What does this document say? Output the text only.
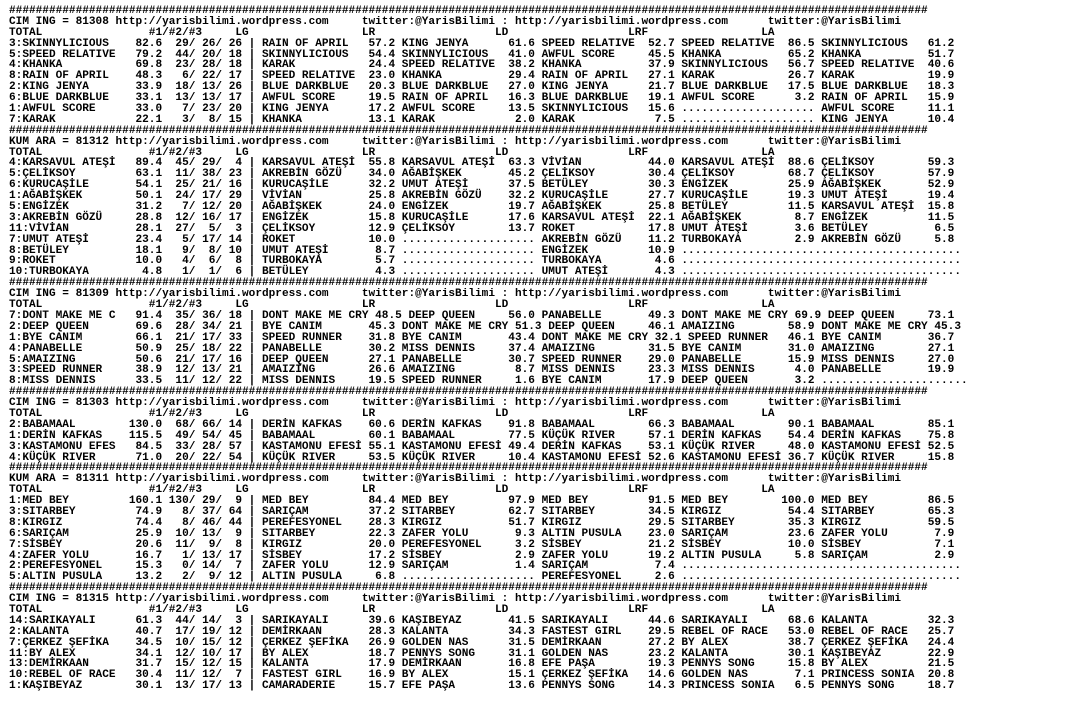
##########################################################################################################################################
CIM ING = 81308 http://yarisbilimi.wordpress.com     twitter:@YarisBilimi : http://yarisbilimi.wordpress.com      twitter:@YarisBilimi
TOTAL                #1/#2/#3     LG                 LR                  LD                  LRF                 LA
3:SKINNYLICIOUS    82.6  29/ 26/ 26 | RAIN OF APRIL   57.2 KING JENYA      61.6 SPEED RELATIVE  52.7 SPEED RELATIVE  86.5 SKINNYLICIOUS   61.2
5:SPEED RELATIVE   79.2  44/ 20/ 18 | SKINNYLICIOUS   54.4 SKINNYLICIOUS   41.0 AWFUL SCORE     45.5 KHANKA          65.2 KHANKA          51.7
4:KHANKA           69.8  23/ 28/ 18 | KARAK           24.4 SPEED RELATIVE  38.2 KHANKA          37.9 SKINNYLICIOUS   56.7 SPEED RELATIVE  40.6
8:RAIN OF APRIL    48.3   6/ 22/ 17 | SPEED RELATIVE  23.0 KHANKA          29.4 RAIN OF APRIL   27.1 KARAK           26.7 KARAK           19.9
2:KING JENYA       33.9  18/ 13/ 26 | BLUE DARKBLUE   20.3 BLUE DARKBLUE   27.0 KING JENYA      21.7 BLUE DARKBLUE   17.5 BLUE DARKBLUE   18.3
6:BLUE DARKBLUE    33.1  13/ 13/ 17 | AWFUL SCORE     19.5 RAIN OF APRIL   16.3 BLUE DARKBLUE   19.1 AWFUL SCORE      3.2 RAIN OF APRIL   15.9
1:AWFUL SCORE      33.0   7/ 23/ 20 | KING JENYA      17.2 AWFUL SCORE     13.5 SKINNYLICIOUS   15.6 .................... AWFUL SCORE     11.1
7:KARAK            22.1   3/  8/ 15 | KHANKA          13.1 KARAK            2.0 KARAK            7.5 .................... KING JENYA      10.4
##########################################################################################################################################
KUM ARA = 81312 http://yarisbilimi.wordpress.com     twitter:@YarisBilimi : http://yarisbilimi.wordpress.com      twitter:@YarisBilimi
TOTAL                #1/#2/#3     LG                 LR                  LD                  LRF                 LA
4:KARSAVUL ATEŞİ   89.4  45/ 29/  4 | KARSAVUL ATEŞİ  55.8 KARSAVUL ATEŞİ  63.3 VİVİAN          44.0 KARSAVUL ATEŞİ  88.6 ÇELİKSOY        59.3
5:ÇELİKSOY         63.1  11/ 38/ 23 | AKREBİN GÖZÜ    34.0 AĞABİŞKEK       45.2 ÇELİKSOY        30.4 ÇELİKSOY        68.7 ÇELİKSOY        57.9
6:KURUCAŞİLE       54.1  25/ 21/ 16 | KURUCAŞİLE      32.2 UMUT ATEŞİ      37.5 BETÜLEY         30.3 ENGİZEK         25.9 AĞABİŞKEK       52.9
1:AĞABİŞKEK        50.1  24/ 17/ 29 | VİVİAN          25.8 AKREBİN GÖZÜ    32.2 KURUCAŞİLE      27.7 KURUCAŞİLE      19.3 UMUT ATEŞİ      19.4
5:ENGİZEK          31.2   7/ 12/ 20 | AĞABİŞKEK       24.0 ENGİZEK         19.7 AĞABİŞKEK       25.8 BETÜLEY         11.5 KARSAVUL ATEŞİ  15.8
3:AKREBİN GÖZÜ     28.8  12/ 16/ 17 | ENGİZEK         15.8 KURUCAŞİLE      17.6 KARSAVUL ATEŞİ  22.1 AĞABİŞKEK        8.7 ENGİZEK         11.5
11:VİVİAN          28.1  27/  5/  3 | ÇELİKSOY        12.9 ÇELİKSOY        13.7 ROKET           17.8 UMUT ATEŞİ       3.6 BETÜLEY          6.5
7:UMUT ATEŞİ       23.4   5/ 17/ 14 | ROKET           10.0 .................... AKREBİN GÖZÜ    11.2 TURBOKAYA        2.9 AKREBİN GÖZÜ     5.8
8:BETÜLEY          18.1   9/  8/ 10 | UMUT ATEŞİ       8.7 .................... ENGİZEK         10.9 ..........................................
9:ROKET            10.0   4/  6/  8 | TURBOKAYA        5.7 .................... TURBOKAYA        4.6 ..........................................
10:TURBOKAYA        4.8   1/  1/  6 | BETÜLEY          4.3 .................... UMUT ATEŞİ       4.3 ..........................................
##########################################################################################################################################
CIM ING = 81309 http://yarisbilimi.wordpress.com     twitter:@YarisBilimi : http://yarisbilimi.wordpress.com      twitter:@YarisBilimi
TOTAL                #1/#2/#3     LG                 LR                  LD                  LRF                 LA
7:DONT MAKE ME C   91.4  35/ 36/ 18 | DONT MAKE ME CRY 48.5 DEEP QUEEN     56.0 PANABELLE       49.3 DONT MAKE ME CRY 69.9 DEEP QUEEN     73.1
2:DEEP QUEEN       69.6  28/ 34/ 21 | BYE CANIM       45.3 DONT MAKE ME CRY 51.3 DEEP QUEEN     46.1 AMAIZING        58.9 DONT MAKE ME CRY 45.3
1:BYE CANIM        66.1  21/ 17/ 33 | SPEED RUNNER    31.8 BYE CANIM       43.4 DONT MAKE ME CRY 32.1 SPEED RUNNER   46.1 BYE CANIM       36.7
4:PANABELLE        50.9  25/ 18/ 22 | PANABELLE       30.2 MISS DENNIS     37.4 AMAIZING        31.5 BYE CANIM       31.0 AMAIZING        27.1
5:AMAIZING         50.6  21/ 17/ 16 | DEEP QUEEN      27.1 PANABELLE       30.7 SPEED RUNNER    29.0 PANABELLE       15.9 MISS DENNIS     27.0
3:SPEED RUNNER     38.9  12/ 13/ 21 | AMAIZING        26.6 AMAIZING         8.7 MISS DENNIS     23.3 MISS DENNIS      4.0 PANABELLE       19.9
8:MISS DENNIS      33.5  11/ 12/ 22 | MISS DENNIS     19.5 SPEED RUNNER     1.6 BYE CANIM       17.9 DEEP QUEEN       3.2 ......................
##########################################################################################################################################
CIM ING = 81303 http://yarisbilimi.wordpress.com     twitter:@YarisBilimi : http://yarisbilimi.wordpress.com      twitter:@YarisBilimi
TOTAL                #1/#2/#3     LG                 LR                  LD                  LRF                 LA
2:BABAMAAL        130.0  68/ 66/ 14 | DERİN KAFKAS    60.6 DERİN KAFKAS    91.8 BABAMAAL        66.3 BABAMAAL        90.1 BABAMAAL        85.1
1:DERİN KAFKAS    115.5  49/ 54/ 45 | BABAMAAL        60.1 BABAMAAL        77.5 KÜÇÜK RIVER     57.1 DERİN KAFKAS    54.4 DERİN KAFKAS    75.8
3:KASTAMONU EFES   84.5  33/ 28/ 57 | KASTAMONU EFESİ 55.1 KASTAMONU EFESİ 49.4 DERİN KAFKAS    53.1 KÜÇÜK RIVER     48.0 KASTAMONU EFESİ 52.5
4:KÜÇÜK RIVER      71.0  20/ 22/ 54 | KÜÇÜK RIVER     53.5 KÜÇÜK RIVER     10.4 KASTAMONU EFESİ 52.6 KASTAMONU EFESİ 36.7 KÜÇÜK RIVER     15.8
##########################################################################################################################################
KUM ARA = 81311 http://yarisbilimi.wordpress.com     twitter:@YarisBilimi : http://yarisbilimi.wordpress.com      twitter:@YarisBilimi
TOTAL                #1/#2/#3     LG                 LR                  LD                  LRF                 LA
1:MED BEY         160.1 130/ 29/  9 | MED BEY         84.4 MED BEY         97.9 MED BEY         91.5 MED BEY        100.0 MED BEY         86.5
3:SITARBEY         74.9   8/ 37/ 64 | SARIÇAM         37.2 SITARBEY        62.7 SITARBEY        34.5 KIRGIZ          54.4 SITARBEY        65.3
8:KIRGIZ           74.4   8/ 46/ 44 | PEREFESYONEL    28.3 KIRGIZ          51.7 KIRGIZ          29.5 SITARBEY        35.3 KIRGIZ          59.5
6:SARIÇAM          25.9  10/ 13/  9 | SITARBEY        22.3 ZAFER YOLU       9.3 ALTIN PUSULA    23.0 SARIÇAM         23.6 ZAFER YOLU       7.9
7:SİSBEY           20.6  11/  9/  8 | KIRGIZ          20.0 PEREFESYONEL     3.2 SİSBEY          21.2 SİSBEY          10.0 SİSBEY           7.1
4:ZAFER YOLU       16.7   1/ 13/ 17 | SİSBEY          17.2 SİSBEY           2.9 ZAFER YOLU      19.2 ALTIN PUSULA     5.8 SARIÇAM          2.9
2:PEREFESYONEL     15.3   0/ 14/  7 | ZAFER YOLU      12.9 SARIÇAM          1.4 SARIÇAM          7.4 ..........................................
5:ALTIN PUSULA     13.2   2/  9/ 12 | ALTIN PUSULA     6.8 .................... PEREFESYONEL     2.6 ..........................................
##########################################################################################################################################
CIM ING = 81315 http://yarisbilimi.wordpress.com     twitter:@YarisBilimi : http://yarisbilimi.wordpress.com      twitter:@YarisBilimi
TOTAL                #1/#2/#3     LG                 LR                  LD                  LRF                 LA
14:SARIKAYALI      61.3  44/ 14/  3 | SARIKAYALI      39.6 KAŞIBEYAZ       41.5 SARIKAYALI      44.6 SARIKAYALI      68.6 KALANTA         32.3
2:KALANTA          40.7  17/ 19/ 12 | DEMİRKAAN       28.3 KALANTA         34.3 FASTEST GIRL    29.5 REBEL OF RACE   53.0 REBEL OF RACE   25.7
7:ÇERKEZ ŞEFİKA    34.5  10/ 15/ 12 | ÇERKEZ ŞEFİKA   26.9 GOLDEN NAS      31.5 DEMİRKAAN       27.2 BY ALEX         38.7 ÇERKEZ ŞEFİKA   24.4
11:BY ALEX         34.1  12/ 10/ 17 | BY ALEX         18.7 PENNYS SONG     31.1 GOLDEN NAS      23.2 KALANTA         30.1 KAŞIBEYAZ       22.9
13:DEMİRKAAN       31.7  15/ 12/ 15 | KALANTA         17.9 DEMİRKAAN       16.8 EFE PAŞA        19.3 PENNYS SONG     15.8 BY ALEX         21.5
10:REBEL OF RACE   30.4  11/ 12/  7 | FASTEST GIRL    16.9 BY ALEX         15.1 ÇERKEZ ŞEFİKA   14.6 GOLDEN NAS       7.1 PRINCESS SONIA  20.8
1:KAŞIBEYAZ        30.1  13/ 17/ 13 | CAMARADERIE     15.7 EFE PAŞA        13.6 PENNYS SONG     14.3 PRINCESS SONIA   6.5 PENNYS SONG     18.7
